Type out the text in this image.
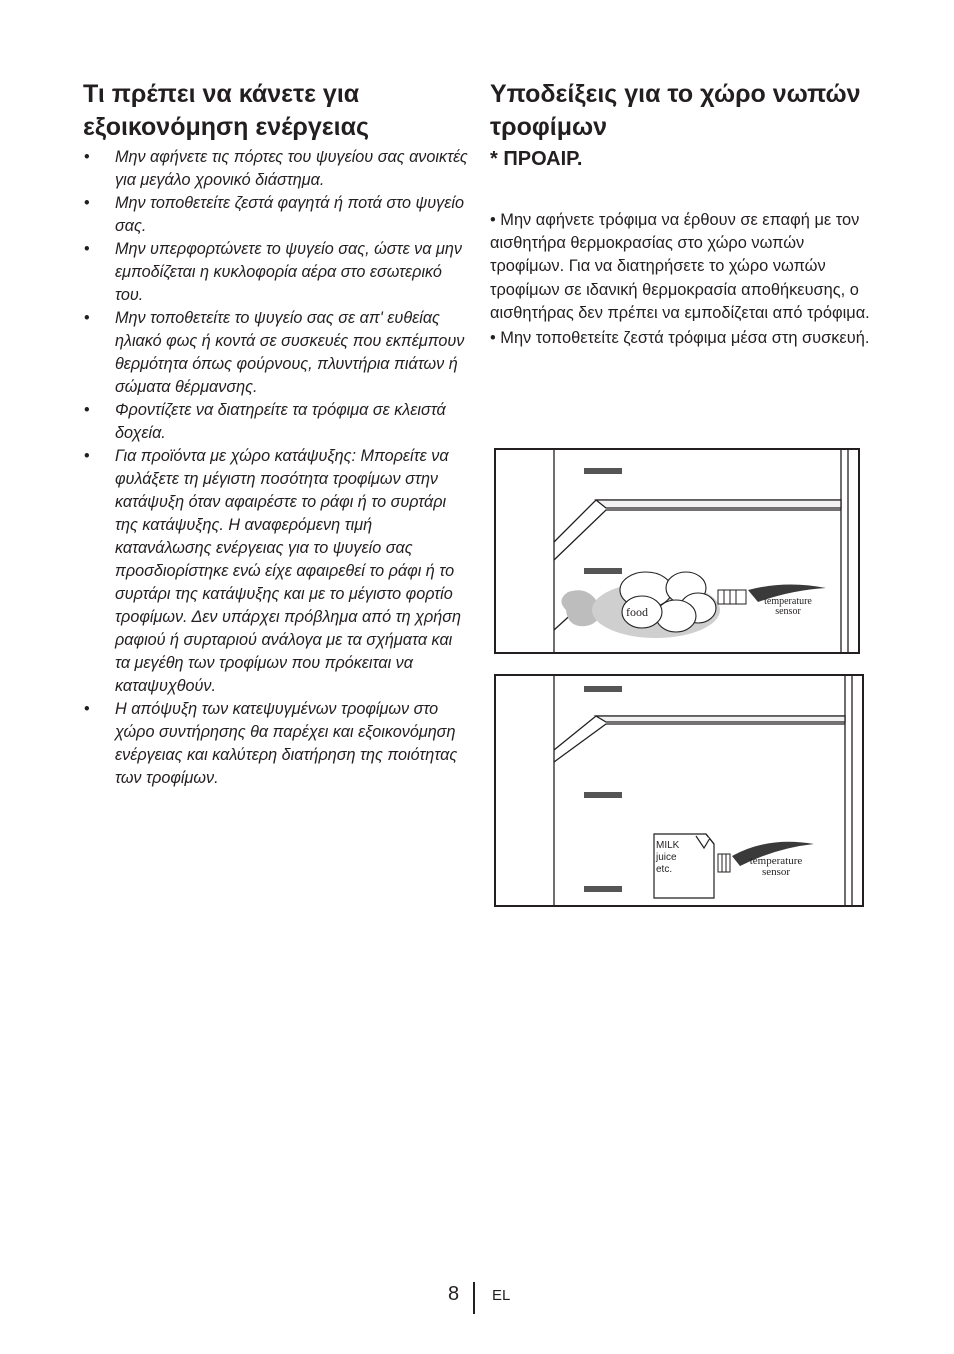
Τι πρέπει να κάνετε για εξοικονόμηση ενέργειας
• Μην αφήνετε τις πόρτες του ψυγείου σας ανοικτές για μεγάλο χρονικό διάστημα.
• Μην τοποθετείτε ζεστά φαγητά ή ποτά στο ψυγείο σας.
• Μην υπερφορτώνετε το ψυγείο σας, ώστε να μην εμποδίζεται η κυκλοφορία αέρα στο εσωτερικό του.
• Μην τοποθετείτε το ψυγείο σας σε απ' ευθείας ηλιακό φως ή κοντά σε συσκευές που εκπέμπουν θερμότητα όπως φούρνους, πλυντήρια πιάτων ή σώματα θέρμανσης.
• Φροντίζετε να διατηρείτε τα τρόφιμα σε κλειστά δοχεία.
• Για προϊόντα με χώρο κατάψυξης: Μπορείτε να φυλάξετε τη μέγιστη ποσότητα τροφίμων στην κατάψυξη όταν αφαιρέστε το ράφι ή το συρτάρι της κατάψυξης. Η αναφερόμενη τιμή κατανάλωσης ενέργειας για το ψυγείο σας προσδιορίστηκε ενώ είχε αφαιρεθεί το ράφι ή το συρτάρι της κατάψυξης και με το μέγιστο φορτίο τροφίμων. Δεν υπάρχει πρόβλημα από τη χρήση ραφιού ή συρταριού ανάλογα με τα σχήματα και τα μεγέθη των τροφίμων που πρόκειται να καταψυχθούν.
• Η απόψυξη των κατεψυγμένων τροφίμων στο χώρο συντήρησης θα παρέχει και εξοικονόμηση ενέργειας και καλύτερη διατήρηση της ποιότητας των τροφίμων.
Υποδείξεις για το χώρο νωπών τροφίμων
* ΠΡΟΑΙΡ.

• Μην αφήνετε τρόφιμα να έρθουν σε επαφή με τον αισθητήρα θερμοκρασίας στο χώρο νωπών τροφίμων. Για να διατηρήσετε το χώρο νωπών τροφίμων σε ιδανική θερμοκρασία αποθήκευσης, ο αισθητήρας δεν πρέπει να εμποδίζεται από τρόφιμα.

• Μην τοποθετείτε ζεστά τρόφιμα μέσα στη συσκευή.

food
temperature
sensor
MILK
juice
etc.
temperature
sensor
8 EL
